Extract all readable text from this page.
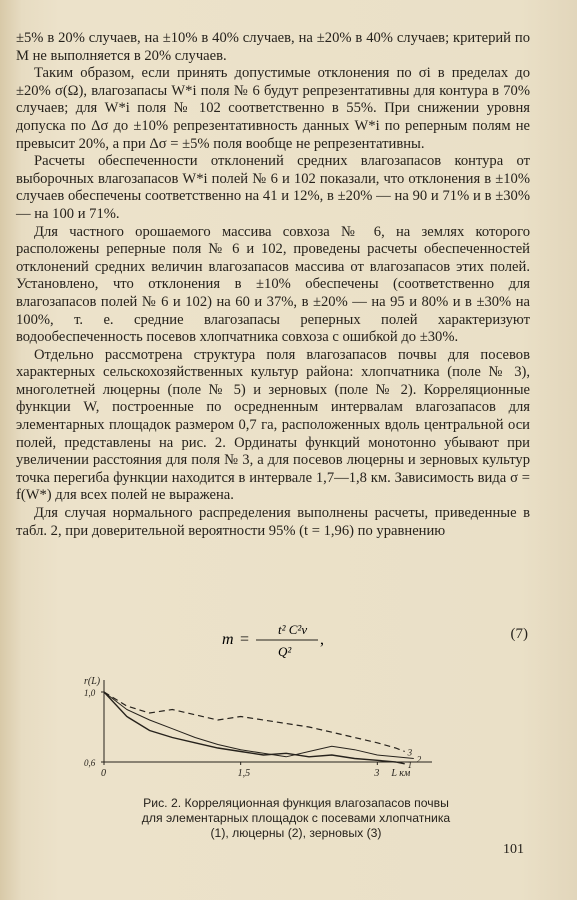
±5% в 20% случаев, на ±10% в 40% случаев, на ±20% в 40% случаев; критерий по M не выполняется в 20% случаев.

Таким образом, если принять допустимые отклонения по σi в пределах до ±20% σ(Ω), влагозапасы W*i поля № 6 будут репрезентативны для контура в 70% случаев; для W*i поля № 102 соответственно в 55%. При снижении уровня допуска по Δσ до ±10% репрезентативность данных W*i по реперным полям не превысит 20%, а при Δσ = ±5% поля вообще не репрезентативны.

Расчеты обеспеченности отклонений средних влагозапасов контура от выборочных влагозапасов W*i полей № 6 и 102 показали, что отклонения в ±10% случаев обеспечены соответственно на 41 и 12%, в ±20% — на 90 и 71% и в ±30% — на 100 и 71%.

Для частного орошаемого массива совхоза № 6, на землях которого расположены реперные поля № 6 и 102, проведены расчеты обеспеченностей отклонений средних величин влагозапасов массива от влагозапасов этих полей. Установлено, что отклонения в ±10% обеспечены (соответственно для влагозапасов полей № 6 и 102) на 60 и 37%, в ±20% — на 95 и 80% и в ±30% на 100%, т. е. средние влагозапасы реперных полей характеризуют водообеспеченность посевов хлопчатника совхоза с ошибкой до ±30%.

Отдельно рассмотрена структура поля влагозапасов почвы для посевов характерных сельскохозяйственных культур района: хлопчатника (поле № 3), многолетней люцерны (поле № 5) и зерновых (поле № 2). Корреляционные функции W, построенные по осредненным интервалам влагозапасов для элементарных площадок размером 0,7 га, расположенных вдоль центральной оси полей, представлены на рис. 2. Ординаты функций монотонно убывают при увеличении расстояния для поля № 3, а для посевов люцерны и зерновых культур точка перегиба функции находится в интервале 1,7—1,8 км. Зависимость вида σ = f(W*) для всех полей не выражена.

Для случая нормального распределения выполнены расчеты, приведенные в табл. 2, при доверительной вероятности 95% (t = 1,96) по уравнению

m =
t² C²v
Q²
,	(7)
r(L)
1,0
0,6
0	1,5	3 L км
1
2
3
Рис. 2. Корреляционная функция влагозапасов почвы
для элементарных площадок с посевами хлопчатника
(1), люцерны (2), зерновых (3)
101
